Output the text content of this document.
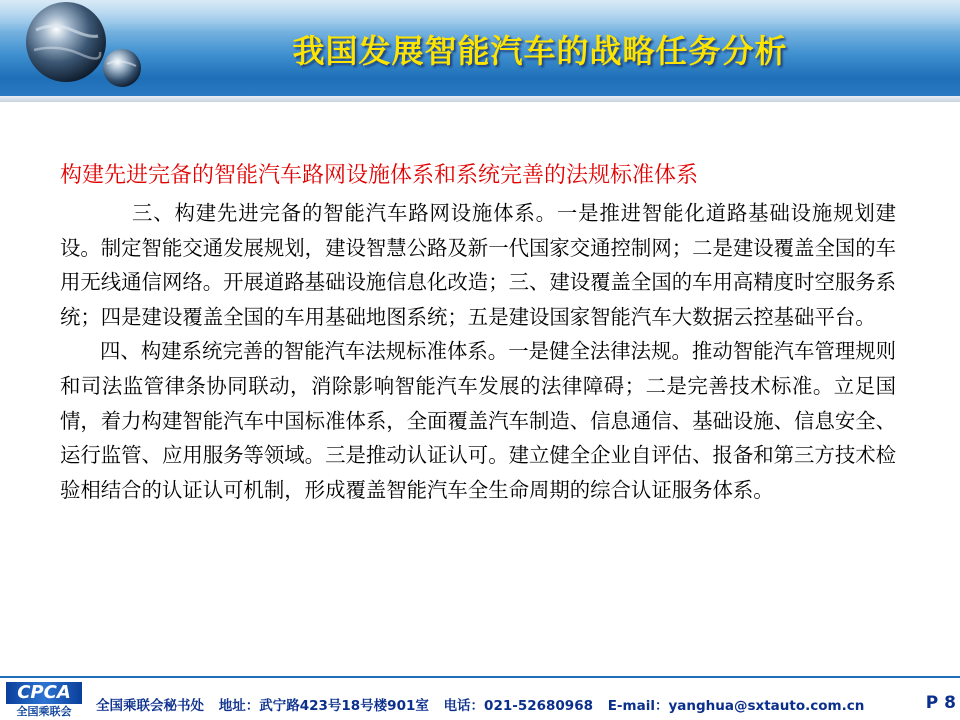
我国发展智能汽车的战略任务分析
构建先进完备的智能汽车路网设施体系和系统完善的法规标准体系

三、构建先进完备的智能汽车路网设施体系。一是推进智能化道路基础设施规划建设。制定智能交通发展规划，建设智慧公路及新一代国家交通控制网；二是建设覆盖全国的车用无线通信网络。开展道路基础设施信息化改造；三、建设覆盖全国的车用高精度时空服务系统；四是建设覆盖全国的车用基础地图系统；五是建设国家智能汽车大数据云控基础平台。

四、构建系统完善的智能汽车法规标准体系。一是健全法律法规。推动智能汽车管理规则和司法监管律条协同联动，消除影响智能汽车发展的法律障碍；二是完善技术标准。立足国情，着力构建智能汽车中国标准体系，全面覆盖汽车制造、信息通信、基础设施、信息安全、运行监管、应用服务等领域。三是推动认证认可。建立健全企业自评估、报备和第三方技术检验相结合的认证认可机制，形成覆盖智能汽车全生命周期的综合认证服务体系。

CPCA
全国乘联会	全国乘联会秘书处 地址：武宁路423号18号楼901室 电话：021-52680968 E-mail：yanghua@sxtauto.com.cn	P 8
